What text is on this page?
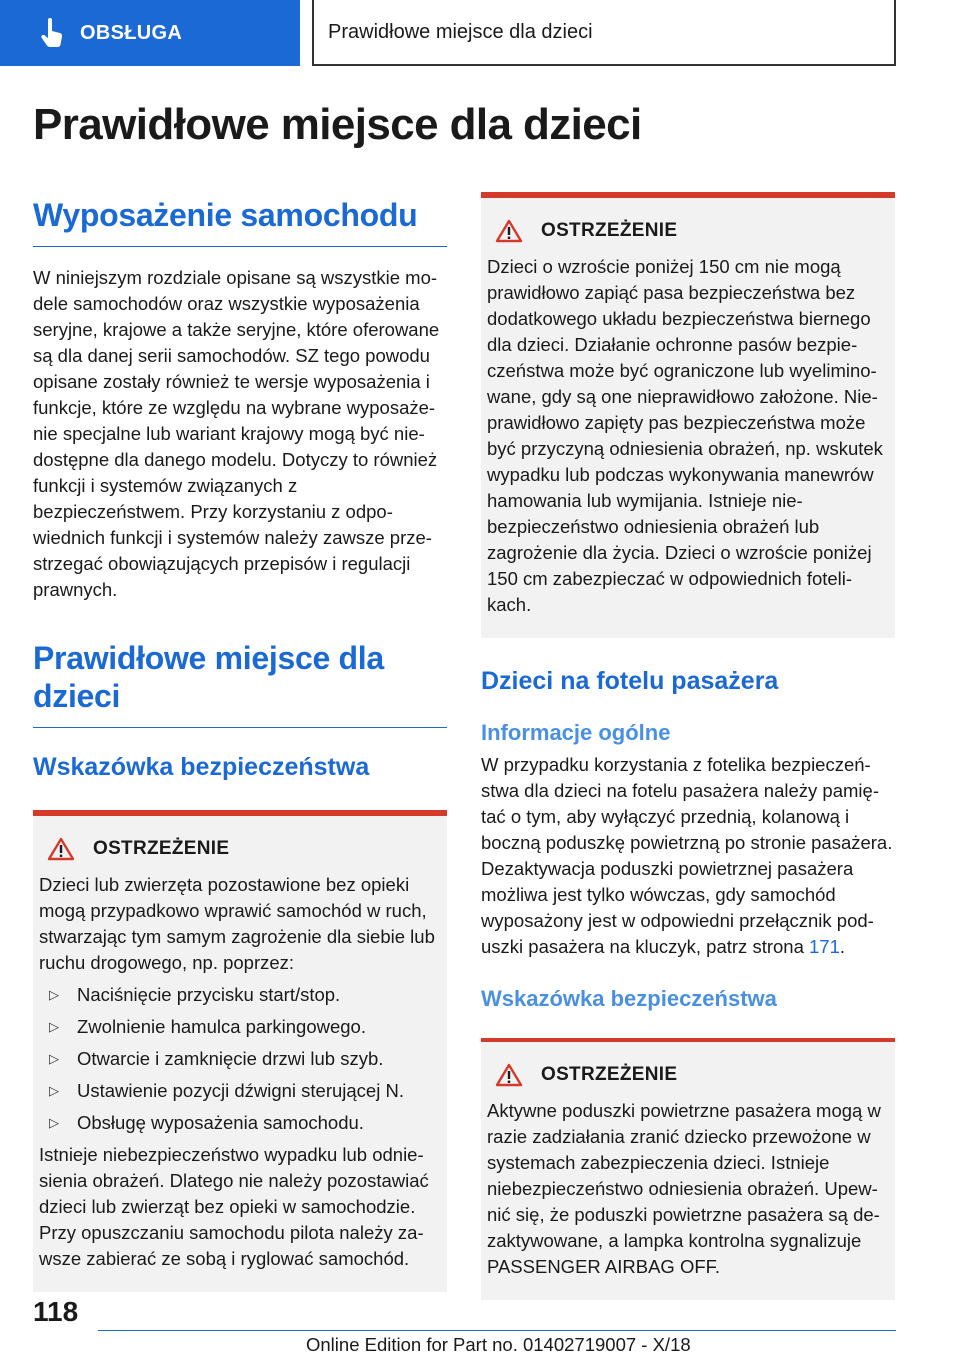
OBSŁUGA	Prawidłowe miejsce dla dzieci
Prawidłowe miejsce dla dzieci
Wyposażenie samochodu

W niniejszym rozdziale opisane są wszystkie modele samochodów oraz wszystkie wyposażenia seryjne, krajowe a także seryjne, które oferowane są dla danej serii samochodów. SZ tego powodu opisane zostały również te wersje wyposażenia i funkcje, które ze względu na wybrane wyposażenie specjalne lub wariant krajowy mogą być niedostępne dla danego modelu. Dotyczy to również funkcji i systemów związanych z bezpieczeństwem. Przy korzystaniu z odpowiednich funkcji i systemów należy zawsze przestrzegać obowiązujących przepisów i regulacji prawnych.

Prawidłowe miejsce dla dzieci
Wskazówka bezpieczeństwa
OSTRZEŻENIE

Dzieci lub zwierzęta pozostawione bez opieki mogą przypadkowo wprawić samochód w ruch, stwarzając tym samym zagrożenie dla siebie lub ruchu drogowego, np. poprzez:

▷ Naciśnięcie przycisku start/stop.
▷ Zwolnienie hamulca parkingowego.
▷ Otwarcie i zamknięcie drzwi lub szyb.
▷ Ustawienie pozycji dźwigni sterującej N.
▷ Obsługę wyposażenia samochodu.

Istnieje niebezpieczeństwo wypadku lub odniesienia obrażeń. Dlatego nie należy pozostawiać dzieci lub zwierząt bez opieki w samochodzie. Przy opuszczaniu samochodu pilota należy zawsze zabierać ze sobą i ryglować samochód.

OSTRZEŻENIE

Dzieci o wzroście poniżej 150 cm nie mogą prawidłowo zapiąć pasa bezpieczeństwa bez dodatkowego układu bezpieczeństwa biernego dla dzieci. Działanie ochronne pasów bezpieczeństwa może być ograniczone lub wyeliminowane, gdy są one nieprawidłowo założone. Nieprawidłowo zapięty pas bezpieczeństwa może być przyczyną odniesienia obrażeń, np. wskutek wypadku lub podczas wykonywania manewrów hamowania lub wymijania. Istnieje niebezpieczeństwo odniesienia obrażeń lub zagrożenie dla życia. Dzieci o wzroście poniżej 150 cm zabezpieczać w odpowiednich fotelikach.

Dzieci na fotelu pasażera
Informacje ogólne

W przypadku korzystania z fotelika bezpieczeństwa dla dzieci na fotelu pasażera należy pamiętać o tym, aby wyłączyć przednią, kolanową i boczną poduszkę powietrzną po stronie pasażera. Dezaktywacja poduszki powietrznej pasażera możliwa jest tylko wówczas, gdy samochód wyposażony jest w odpowiedni przełącznik poduszki pasażera na kluczyk, patrz strona 171.

Wskazówka bezpieczeństwa
OSTRZEŻENIE

Aktywne poduszki powietrzne pasażera mogą w razie zadziałania zranić dziecko przewożone w systemach zabezpieczenia dzieci. Istnieje niebezpieczeństwo odniesienia obrażeń. Upewnić się, że poduszki powietrzne pasażera są dezaktywowane, a lampka kontrolna sygnalizuje PASSENGER AIRBAG OFF.

118
Online Edition for Part no. 01402719007 - X/18
